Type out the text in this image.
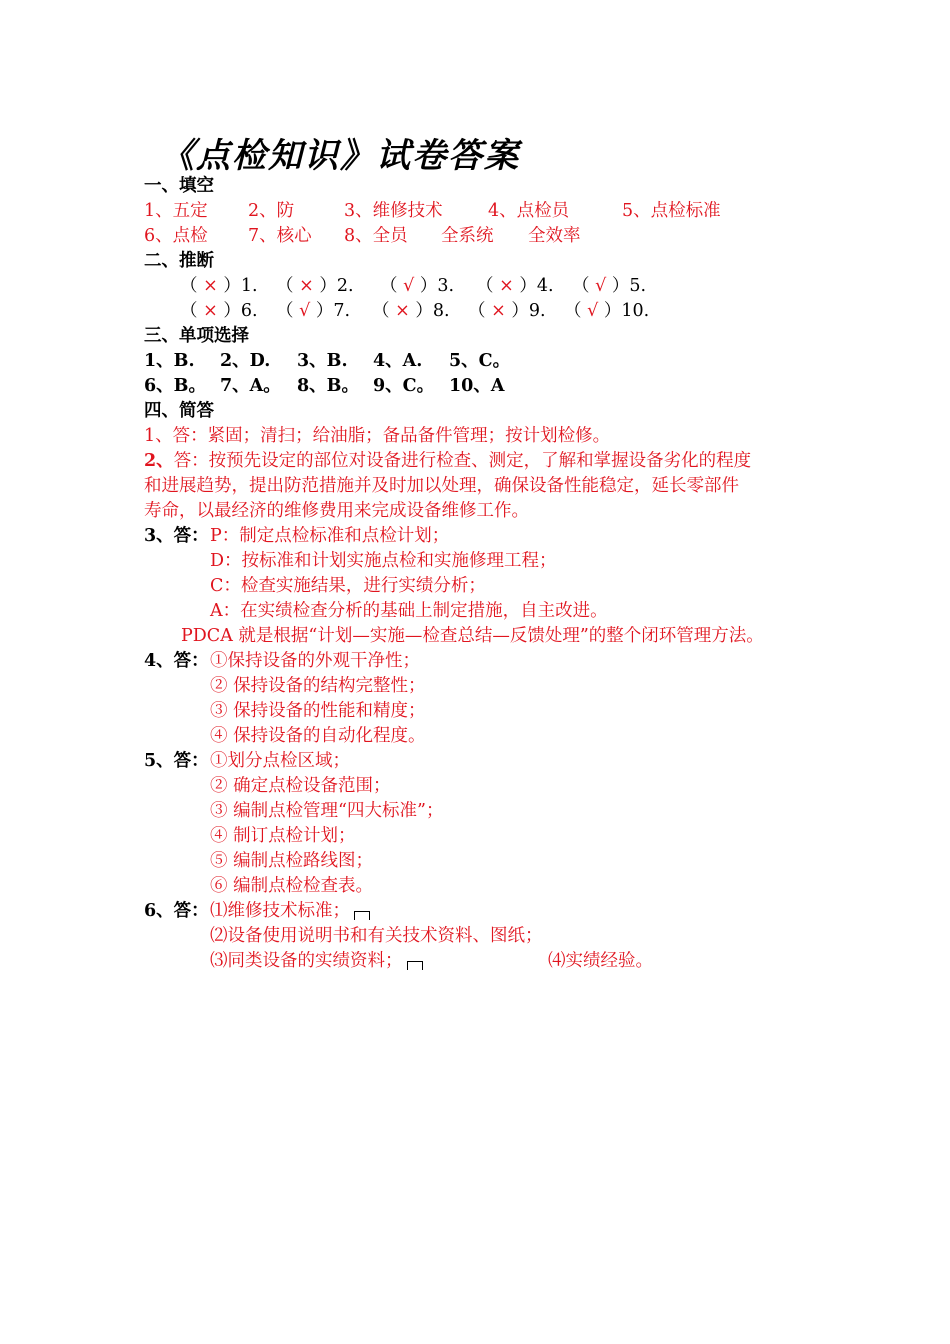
《点检知识》试卷答案
一、填空
1、五定 2、防	3、维修技术	4、点检员	5、点检标准
6、点检 7、核心 8、全员 全系统 全效率
二、推断
（ × ）1. （ × ）2. （ √ ）3. （ × ）4. （ √ ）5.
（ × ）6. （ √ ）7. （ × ）8. （ × ）9. （ √ ）10.
三、单项选择
1、B. 2、D. 3、B. 4、A. 5、C。
6、B。 7、A。 8、B。 9、C。 10、A
四、简答
1、答：紧固；清扫；给油脂；备品备件管理；按计划检修。
2、答：按预先设定的部位对设备进行检查、测定，了解和掌握设备劣化的程度
和进展趋势，提出防范措施并及时加以处理，确保设备性能稳定，延长零部件
寿命，以最经济的维修费用来完成设备维修工作。
3、答： P：制定点检标准和点检计划；
D：按标准和计划实施点检和实施修理工程；
C：检查实施结果，进行实绩分析；
A：在实绩检查分析的基础上制定措施，自主改进。
PDCA 就是根据“计划—实施—检查总结—反馈处理”的整个闭环管理方法。
4、答： ①保持设备的外观干净性；
② 保持设备的结构完整性；
③ 保持设备的性能和精度；
④ 保持设备的自动化程度。
5、答： ①划分点检区域；
② 确定点检设备范围；
③ 编制点检管理“四大标准”；
④ 制订点检计划；
⑤ 编制点检路线图；
⑥ 编制点检检查表。
6、答： ⑴维修技术标准；
⑵设备使用说明书和有关技术资料、图纸；
⑶同类设备的实绩资料；	⑷实绩经验。
